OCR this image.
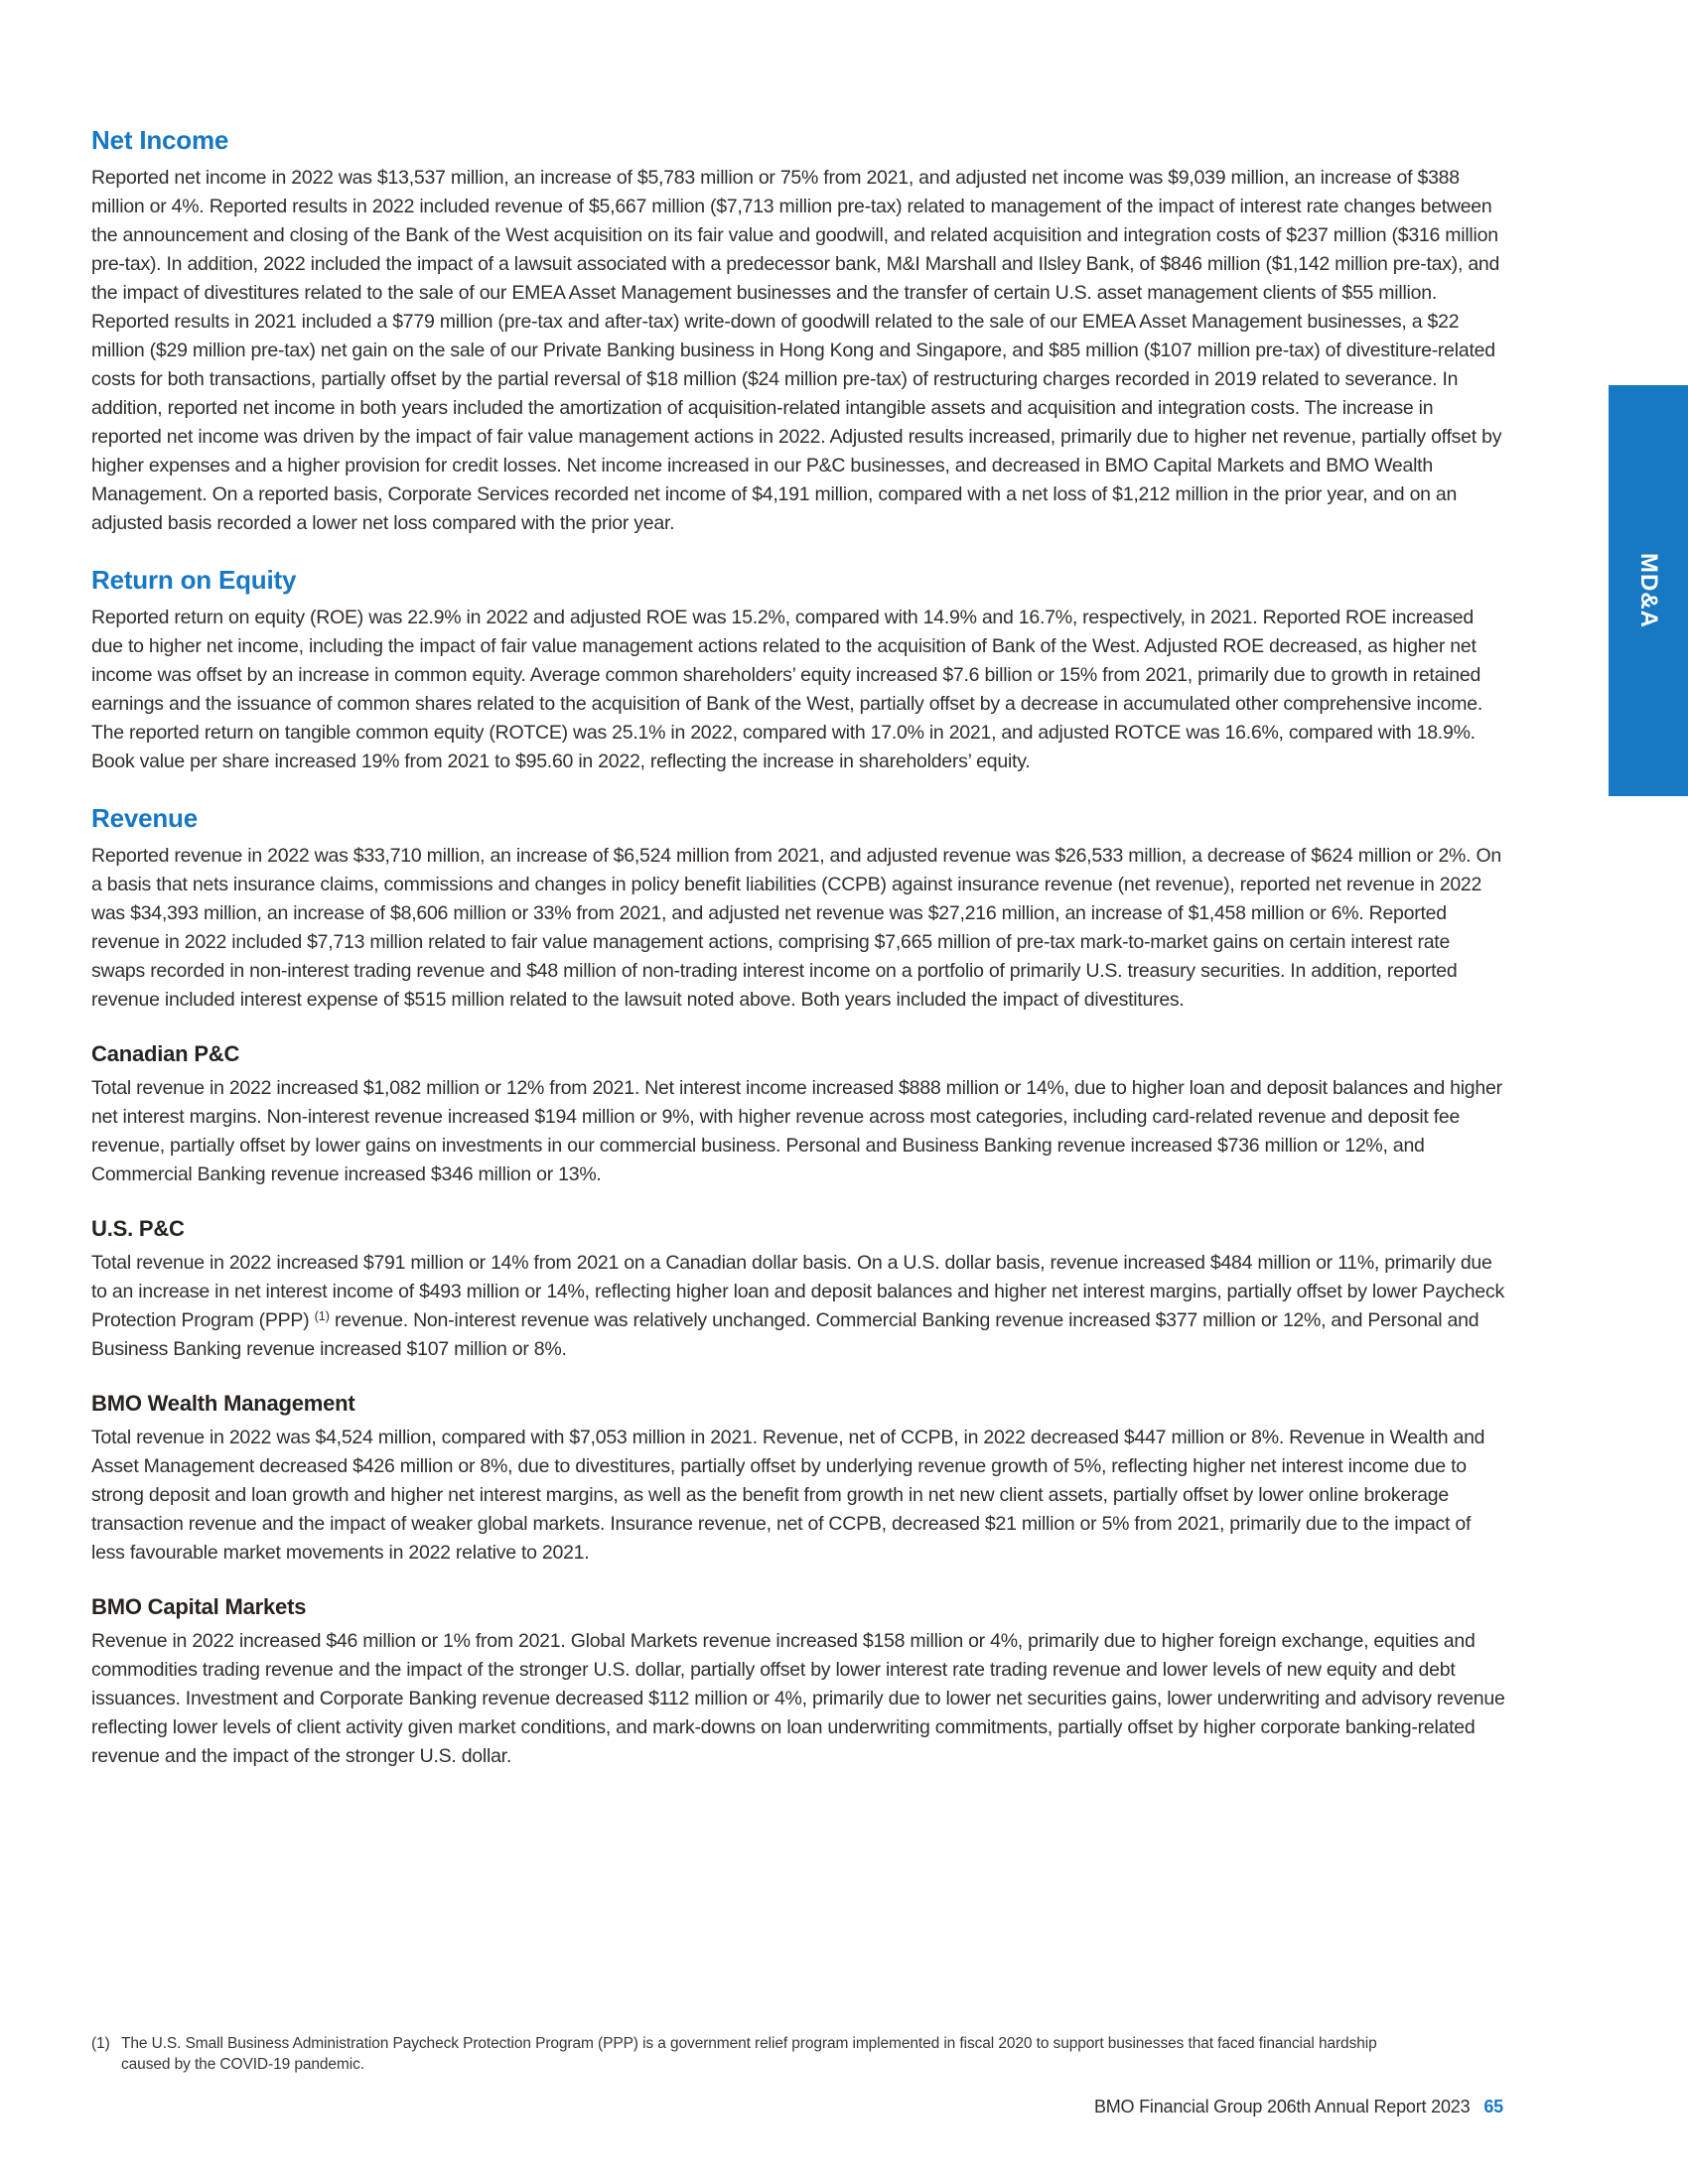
Net Income

Reported net income in 2022 was $13,537 million, an increase of $5,783 million or 75% from 2021, and adjusted net income was $9,039 million, an increase of $388 million or 4%. Reported results in 2022 included revenue of $5,667 million ($7,713 million pre-tax) related to management of the impact of interest rate changes between the announcement and closing of the Bank of the West acquisition on its fair value and goodwill, and related acquisition and integration costs of $237 million ($316 million pre-tax). In addition, 2022 included the impact of a lawsuit associated with a predecessor bank, M&I Marshall and Ilsley Bank, of $846 million ($1,142 million pre-tax), and the impact of divestitures related to the sale of our EMEA Asset Management businesses and the transfer of certain U.S. asset management clients of $55 million. Reported results in 2021 included a $779 million (pre-tax and after-tax) write-down of goodwill related to the sale of our EMEA Asset Management businesses, a $22 million ($29 million pre-tax) net gain on the sale of our Private Banking business in Hong Kong and Singapore, and $85 million ($107 million pre-tax) of divestiture-related costs for both transactions, partially offset by the partial reversal of $18 million ($24 million pre-tax) of restructuring charges recorded in 2019 related to severance. In addition, reported net income in both years included the amortization of acquisition-related intangible assets and acquisition and integration costs. The increase in reported net income was driven by the impact of fair value management actions in 2022. Adjusted results increased, primarily due to higher net revenue, partially offset by higher expenses and a higher provision for credit losses. Net income increased in our P&C businesses, and decreased in BMO Capital Markets and BMO Wealth Management. On a reported basis, Corporate Services recorded net income of $4,191 million, compared with a net loss of $1,212 million in the prior year, and on an adjusted basis recorded a lower net loss compared with the prior year.

Return on Equity

Reported return on equity (ROE) was 22.9% in 2022 and adjusted ROE was 15.2%, compared with 14.9% and 16.7%, respectively, in 2021. Reported ROE increased due to higher net income, including the impact of fair value management actions related to the acquisition of Bank of the West. Adjusted ROE decreased, as higher net income was offset by an increase in common equity. Average common shareholders’ equity increased $7.6 billion or 15% from 2021, primarily due to growth in retained earnings and the issuance of common shares related to the acquisition of Bank of the West, partially offset by a decrease in accumulated other comprehensive income. The reported return on tangible common equity (ROTCE) was 25.1% in 2022, compared with 17.0% in 2021, and adjusted ROTCE was 16.6%, compared with 18.9%. Book value per share increased 19% from 2021 to $95.60 in 2022, reflecting the increase in shareholders’ equity.

Revenue

Reported revenue in 2022 was $33,710 million, an increase of $6,524 million from 2021, and adjusted revenue was $26,533 million, a decrease of $624 million or 2%. On a basis that nets insurance claims, commissions and changes in policy benefit liabilities (CCPB) against insurance revenue (net revenue), reported net revenue in 2022 was $34,393 million, an increase of $8,606 million or 33% from 2021, and adjusted net revenue was $27,216 million, an increase of $1,458 million or 6%. Reported revenue in 2022 included $7,713 million related to fair value management actions, comprising $7,665 million of pre-tax mark-to-market gains on certain interest rate swaps recorded in non-interest trading revenue and $48 million of non-trading interest income on a portfolio of primarily U.S. treasury securities. In addition, reported revenue included interest expense of $515 million related to the lawsuit noted above. Both years included the impact of divestitures.

Canadian P&C

Total revenue in 2022 increased $1,082 million or 12% from 2021. Net interest income increased $888 million or 14%, due to higher loan and deposit balances and higher net interest margins. Non-interest revenue increased $194 million or 9%, with higher revenue across most categories, including card-related revenue and deposit fee revenue, partially offset by lower gains on investments in our commercial business. Personal and Business Banking revenue increased $736 million or 12%, and Commercial Banking revenue increased $346 million or 13%.

U.S. P&C

Total revenue in 2022 increased $791 million or 14% from 2021 on a Canadian dollar basis. On a U.S. dollar basis, revenue increased $484 million or 11%, primarily due to an increase in net interest income of $493 million or 14%, reflecting higher loan and deposit balances and higher net interest margins, partially offset by lower Paycheck Protection Program (PPP) $^{(1)}$ revenue. Non-interest revenue was relatively unchanged. Commercial Banking revenue increased $377 million or 12%, and Personal and Business Banking revenue increased $107 million or 8%.

BMO Wealth Management

Total revenue in 2022 was $4,524 million, compared with $7,053 million in 2021. Revenue, net of CCPB, in 2022 decreased $447 million or 8%. Revenue in Wealth and Asset Management decreased $426 million or 8%, due to divestitures, partially offset by underlying revenue growth of 5%, reflecting higher net interest income due to strong deposit and loan growth and higher net interest margins, as well as the benefit from growth in net new client assets, partially offset by lower online brokerage transaction revenue and the impact of weaker global markets. Insurance revenue, net of CCPB, decreased $21 million or 5% from 2021, primarily due to the impact of less favourable market movements in 2022 relative to 2021.

BMO Capital Markets

Revenue in 2022 increased $46 million or 1% from 2021. Global Markets revenue increased $158 million or 4%, primarily due to higher foreign exchange, equities and commodities trading revenue and the impact of the stronger U.S. dollar, partially offset by lower interest rate trading revenue and lower levels of new equity and debt issuances. Investment and Corporate Banking revenue decreased $112 million or 4%, primarily due to lower net securities gains, lower underwriting and advisory revenue reflecting lower levels of client activity given market conditions, and mark-downs on loan underwriting commitments, partially offset by higher corporate banking-related revenue and the impact of the stronger U.S. dollar.

MD&A
(1) The U.S. Small Business Administration Paycheck Protection Program (PPP) is a government relief program implemented in fiscal 2020 to support businesses that faced financial hardship caused by the COVID-19 pandemic.
BMO Financial Group 206th Annual Report 2023 65
